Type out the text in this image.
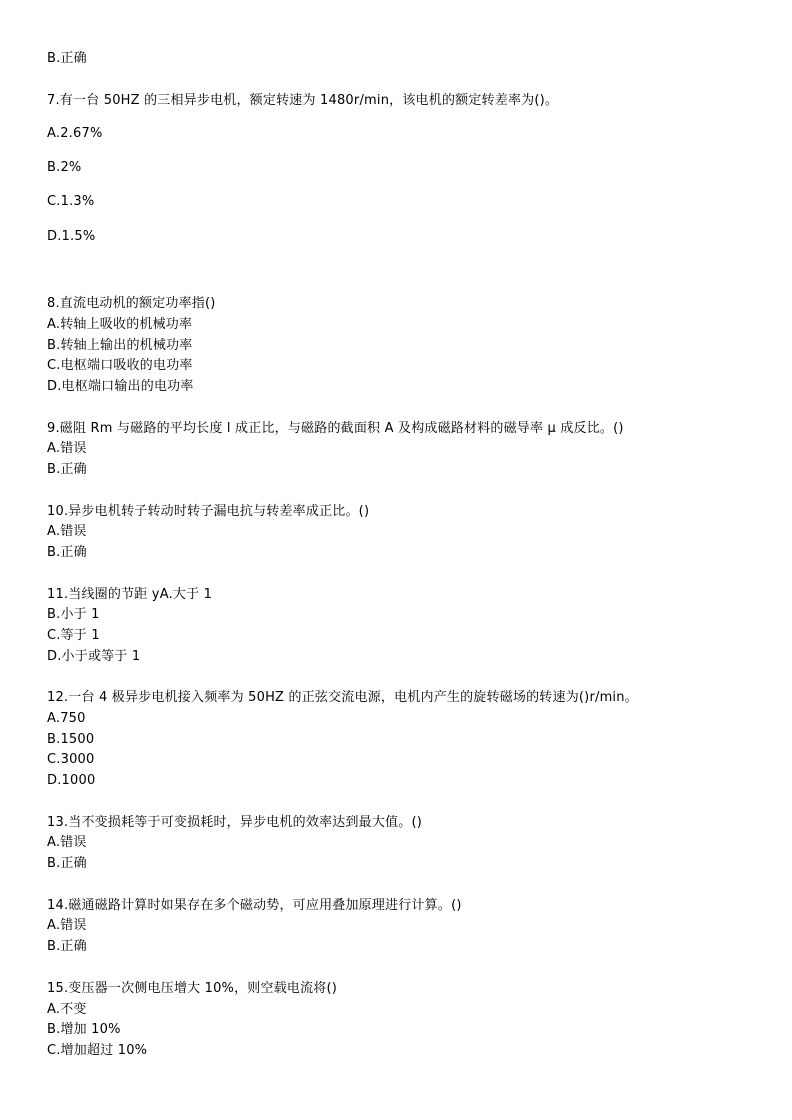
B.正确
7.有一台 50HZ 的三相异步电机，额定转速为 1480r/min，该电机的额定转差率为()。
A.2.67%
B.2%
C.1.3%
D.1.5%
8.直流电动机的额定功率指()
A.转轴上吸收的机械功率
B.转轴上输出的机械功率
C.电枢端口吸收的电功率
D.电枢端口输出的电功率
9.磁阻 Rm 与磁路的平均长度 l 成正比，与磁路的截面积 A 及构成磁路材料的磁导率 μ 成反比。()
A.错误
B.正确
10.异步电机转子转动时转子漏电抗与转差率成正比。()
A.错误
B.正确
11.当线圈的节距 yA.大于 1
B.小于 1
C.等于 1
D.小于或等于 1
12.一台 4 极异步电机接入频率为 50HZ 的正弦交流电源，电机内产生的旋转磁场的转速为()r/min。
A.750
B.1500
C.3000
D.1000
13.当不变损耗等于可变损耗时，异步电机的效率达到最大值。()
A.错误
B.正确
14.磁通磁路计算时如果存在多个磁动势，可应用叠加原理进行计算。()
A.错误
B.正确
15.变压器一次侧电压增大 10%，则空载电流将()
A.不变
B.增加 10%
C.增加超过 10%
